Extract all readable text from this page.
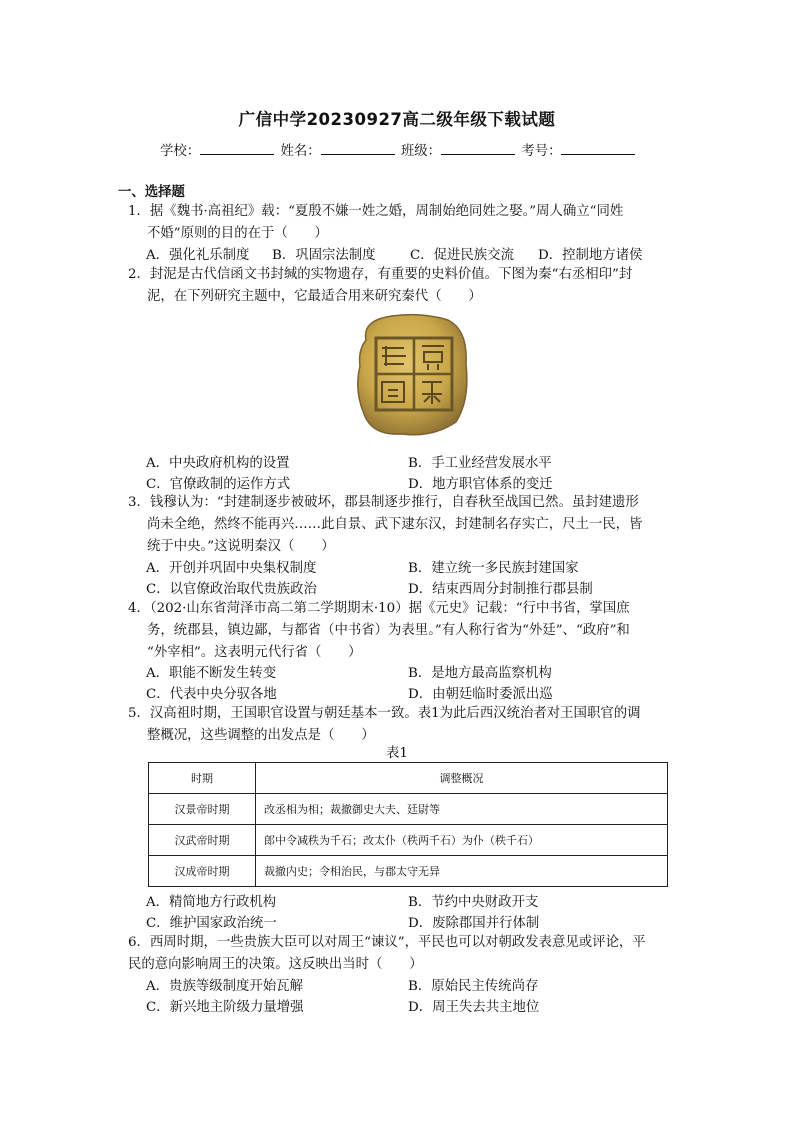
广信中学20230927高二级年级下载试题
学校：	姓名：	班级：	考号：
一、选择题
1．据《魏书·高祖纪》载：“夏殷不嫌一姓之婚，周制始绝同姓之娶。”周人确立“同姓
不婚”原则的目的在于（　　）
A．强化礼乐制度 B．巩固宗法制度	C．促进民族交流 D．控制地方诸侯
2．封泥是古代信函文书封缄的实物遗存，有重要的史料价值。下图为秦“右丞相印”封
泥，在下列研究主题中，它最适合用来研究秦代（　　）
A．中央政府机构的设置	B．手工业经营发展水平
C．官僚政制的运作方式	D．地方职官体系的变迁
3．钱穆认为：“封建制逐步被破坏，郡县制逐步推行，自春秋至战国已然。虽封建遗形
尚未全绝，然终不能再兴……此自景、武下逮东汉，封建制名存实亡，尺土一民，皆
统于中央。”这说明秦汉（　　）
A．开创并巩固中央集权制度	B．建立统一多民族封建国家
C．以官僚政治取代贵族政治	D．结束西周分封制推行郡县制
4．（202·山东省菏泽市高二第二学期期末·10）据《元史》记载：“行中书省，掌国庶
务，统郡县，镇边鄙，与都省（中书省）为表里。”有人称行省为“外廷”、“政府”和
“外宰相”。这表明元代行省（　　）
A．职能不断发生转变	B．是地方最高监察机构
C．代表中央分驭各地	D．由朝廷临时委派出巡
5．汉高祖时期，王国职官设置与朝廷基本一致。表1为此后西汉统治者对王国职官的调
整概况，这些调整的出发点是（　　）
表1
时期	调整概况
汉景帝时期	改丞相为相；裁撤御史大夫、廷尉等
汉武帝时期	郎中令减秩为千石；改太仆（秩两千石）为仆（秩千石）
汉成帝时期	裁撤内史；令相治民，与郡太守无异
A．精简地方行政机构	B．节约中央财政开支
C．维护国家政治统一	D．废除郡国并行体制
6．西周时期，一些贵族大臣可以对周王“谏议”，平民也可以对朝政发表意见或评论，平
民的意向影响周王的决策。这反映出当时（　　）
A．贵族等级制度开始瓦解	B．原始民主传统尚存
C．新兴地主阶级力量增强	D．周王失去共主地位
